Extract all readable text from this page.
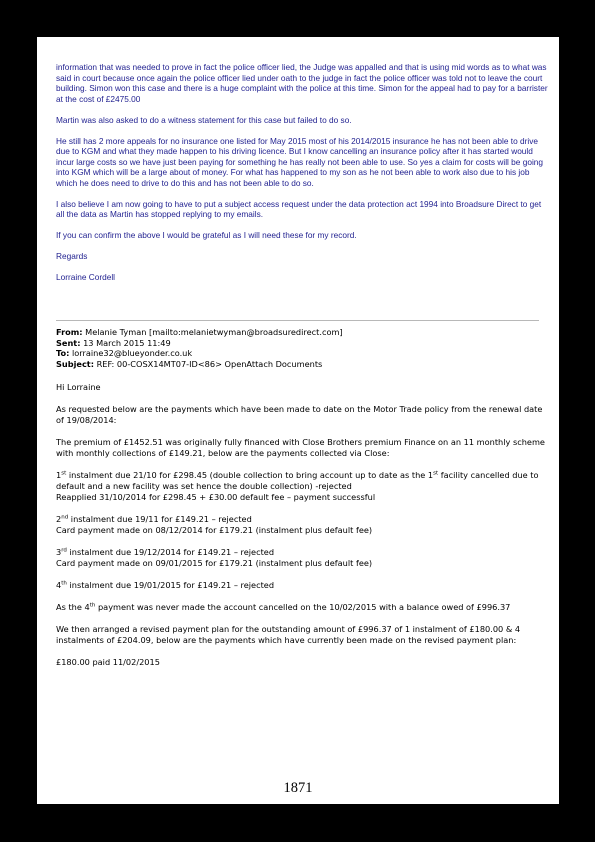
information that was needed to prove in fact the police officer lied, the Judge was appalled and that is using mid words as to what was said in court because once again the police officer lied under oath to the judge in fact the police officer was told not to leave the court building. Simon won this case and there is a huge complaint with the police at this time. Simon for the appeal had to pay for a barrister at the cost of £2475.00

Martin was also asked to do a witness statement for this case but failed to do so.

He still has 2 more appeals for no insurance one listed for May 2015 most of his 2014/2015 insurance he has not been able to drive due to KGM and what they made happen to his driving licence. But I know cancelling an insurance policy after it has started would incur large costs so we have just been paying for something he has really not been able to use. So yes a claim for costs will be going into KGM which will be a large about of money. For what has happened to my son as he not been able to work also due to his job which he does need to drive to do this and has not been able to do so.

I also believe I am now going to have to put a subject access request under the data protection act 1994 into Broadsure Direct to get all the data as Martin has stopped replying to my emails.

If you can confirm the above I would be grateful as I will need these for my record.

Regards

Lorraine Cordell

From: Melanie Tyman [mailto:melanietwyman@broadsuredirect.com]
Sent: 13 March 2015 11:49
To: lorraine32@blueyonder.co.uk
Subject: REF: 00-COSX14MT07-ID<86> OpenAttach Documents

Hi Lorraine

As requested below are the payments which have been made to date on the Motor Trade policy from the renewal date of 19/08/2014:

The premium of £1452.51 was originally fully financed with Close Brothers premium Finance on an 11 monthly scheme with monthly collections of £149.21, below are the payments collected via Close:

1st instalment due 21/10 for £298.45 (double collection to bring account up to date as the 1st facility cancelled due to default and a new facility was set hence the double collection) -rejected

Reapplied 31/10/2014 for £298.45 + £30.00 default fee – payment successful

2nd instalment due 19/11 for £149.21 – rejected

Card payment made on 08/12/2014 for £179.21 (instalment plus default fee)

3rd instalment due 19/12/2014 for £149.21 – rejected

Card payment made on 09/01/2015 for £179.21 (instalment plus default fee)

4th instalment due 19/01/2015 for £149.21 – rejected

As the 4th payment was never made the account cancelled on the 10/02/2015 with a balance owed of £996.37

We then arranged a revised payment plan for the outstanding amount of £996.37 of 1 instalment of £180.00 & 4 instalments of £204.09, below are the payments which have currently been made on the revised payment plan:

£180.00 paid 11/02/2015

1871
